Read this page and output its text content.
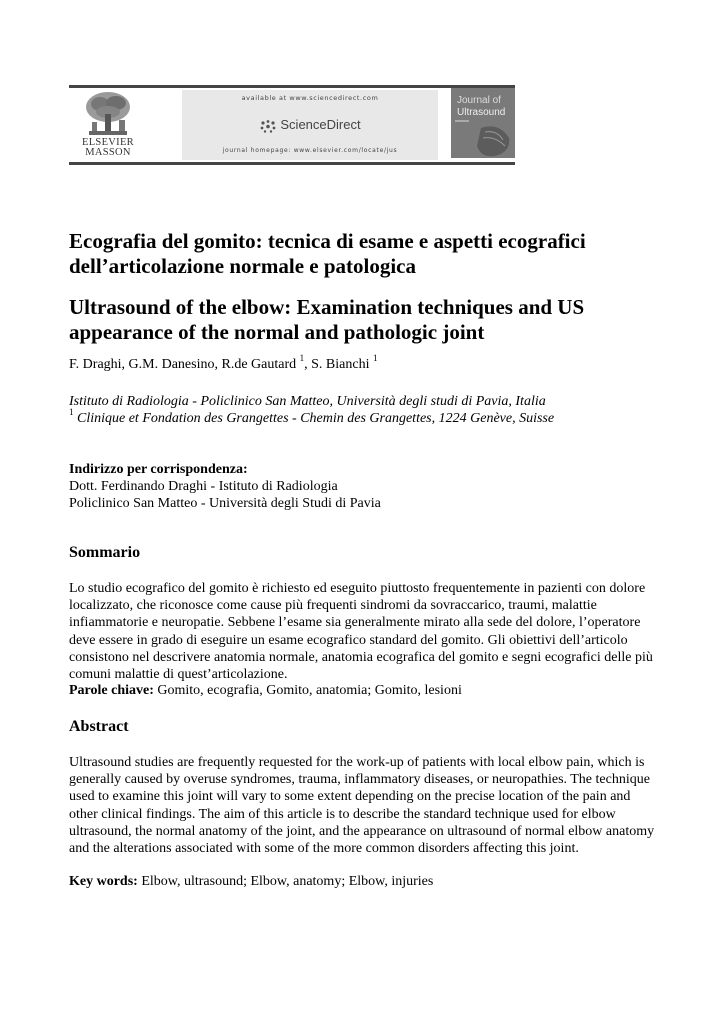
ELSEVIER
MASSON
available at www.sciencedirect.com
ScienceDirect
journal homepage: www.elsevier.com/locate/jus
Journal of
Ultrasound
Ecografia del gomito: tecnica di esame e aspetti ecografici dell’articolazione normale e patologica
Ultrasound of the elbow: Examination techniques and US appearance of the normal and pathologic joint
F. Draghi, G.M. Danesino, R.de Gautard $^1$, S. Bianchi $^1$
Istituto di Radiologia - Policlinico San Matteo, Università degli studi di Pavia, Italia
$^1$ Clinique et Fondation des Grangettes - Chemin des Grangettes, 1224 Genève, Suisse
Indirizzo per corrispondenza:
Dott. Ferdinando Draghi - Istituto di Radiologia
Policlinico San Matteo - Università degli Studi di Pavia
Sommario

Lo studio ecografico del gomito è richiesto ed eseguito piuttosto frequentemente in pazienti con dolore localizzato, che riconosce come cause più frequenti sindromi da sovraccarico, traumi, malattie infiammatorie e neuropatie. Sebbene l’esame sia generalmente mirato alla sede del dolore, l’operatore deve essere in grado di eseguire un esame ecografico standard del gomito. Gli obiettivi dell’articolo consistono nel descrivere anatomia normale, anatomia ecografica del gomito e segni ecografici delle più comuni malattie di quest’articolazione.

Parole chiave: Gomito, ecografia, Gomito, anatomia; Gomito, lesioni
Abstract

Ultrasound studies are frequently requested for the work-up of patients with local elbow pain, which is generally caused by overuse syndromes, trauma, inflammatory diseases, or neuropathies. The technique used to examine this joint will vary to some extent depending on the precise location of the pain and other clinical findings. The aim of this article is to describe the standard technique used for elbow ultrasound, the normal anatomy of the joint, and the appearance on ultrasound of normal elbow anatomy and the alterations associated with some of the more common disorders affecting this joint.

Key words: Elbow, ultrasound; Elbow, anatomy; Elbow, injuries
